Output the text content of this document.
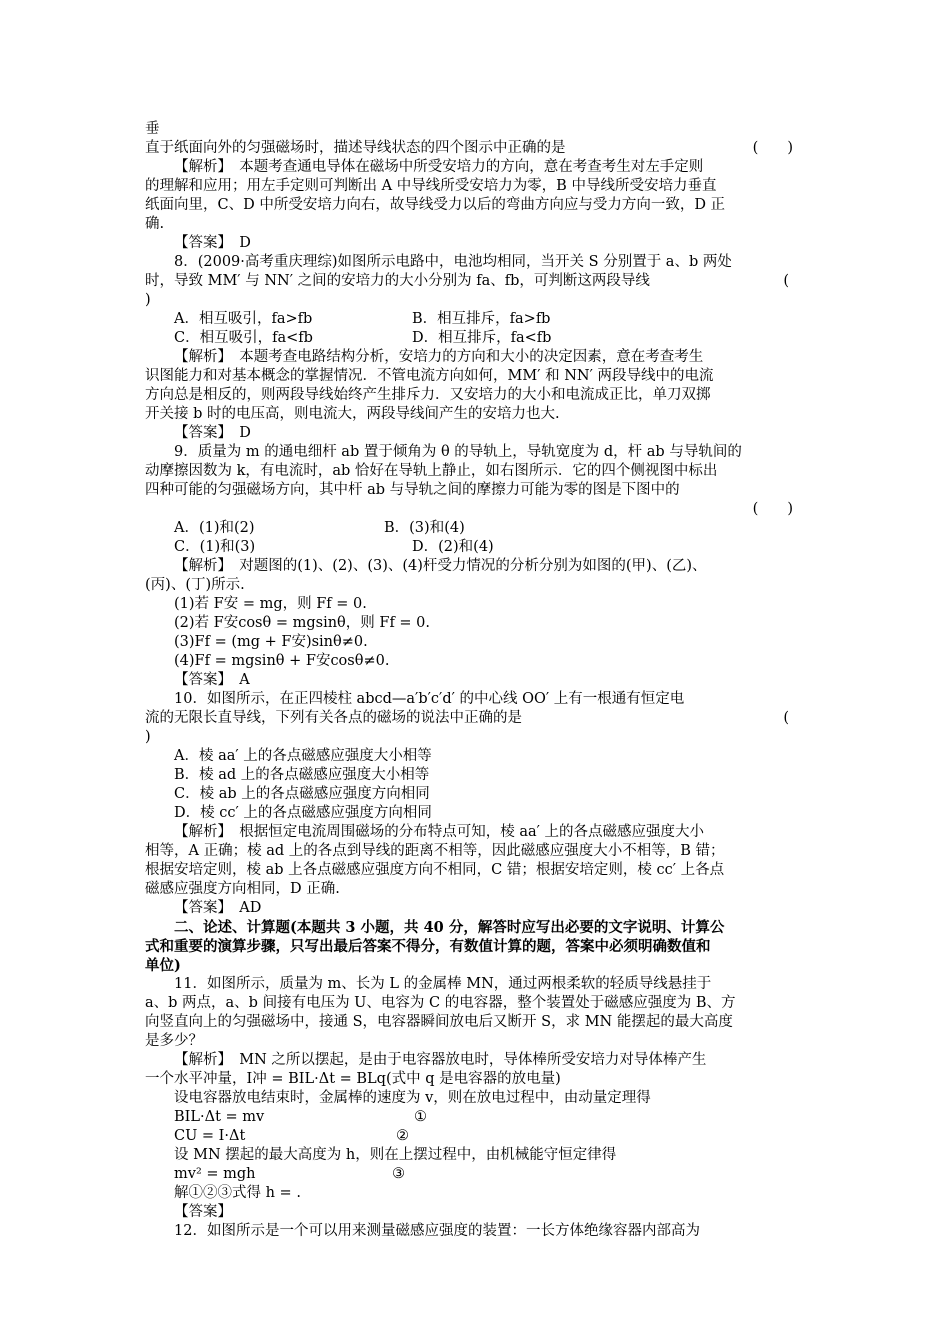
垂

直于纸面向外的匀强磁场时，描述导线状态的四个图示中正确的是	(　　)

【解析】　本题考查通电导体在磁场中所受安培力的方向，意在考查考生对左手定则

的理解和应用；用左手定则可判断出 A 中导线所受安培力为零，B 中导线所受安培力垂直

纸面向里，C、D 中所受安培力向右，故导线受力以后的弯曲方向应与受力方向一致，D 正

确.

【答案】　D

8．(2009·高考重庆理综)如图所示电路中，电池均相同，当开关 S 分别置于 a、b 两处

时，导致 MM′ 与 NN′ 之间的安培力的大小分别为 fa、fb，可判断这两段导线	(

)

A．相互吸引，fa>fb	B．相互排斥，fa>fb
C．相互吸引，fa<fb	D．相互排斥，fa<fb

【解析】　本题考查电路结构分析，安培力的方向和大小的决定因素，意在考查考生

识图能力和对基本概念的掌握情况．不管电流方向如何，MM′ 和 NN′ 两段导线中的电流

方向总是相反的，则两段导线始终产生排斥力．又安培力的大小和电流成正比，单刀双掷

开关接 b 时的电压高，则电流大，两段导线间产生的安培力也大.

【答案】　D

9．质量为 m 的通电细杆 ab 置于倾角为 θ 的导轨上，导轨宽度为 d，杆 ab 与导轨间的

动摩擦因数为 k，有电流时，ab 恰好在导轨上静止，如右图所示．它的四个侧视图中标出

四种可能的匀强磁场方向，其中杆 ab 与导轨之间的摩擦力可能为零的图是下图中的

(　　)

A．(1)和(2)	B．(3)和(4)
C．(1)和(3)	D．(2)和(4)

【解析】　对题图的(1)、(2)、(3)、(4)杆受力情况的分析分别为如图的(甲)、(乙)、

(丙)、(丁)所示.

(1)若 F安 = mg，则 Ff = 0.

(2)若 F安cosθ = mgsinθ，则 Ff = 0.

(3)Ff = (mg + F安)sinθ≠0.

(4)Ff = mgsinθ + F安cosθ≠0.

【答案】　A

10．如图所示，在正四棱柱 abcd—a′b′c′d′ 的中心线 OO′ 上有一根通有恒定电

流的无限长直导线，下列有关各点的磁场的说法中正确的是	(

)

A．棱 aa′ 上的各点磁感应强度大小相等

B．棱 ad 上的各点磁感应强度大小相等

C．棱 ab 上的各点磁感应强度方向相同

D．棱 cc′ 上的各点磁感应强度方向相同

【解析】　根据恒定电流周围磁场的分布特点可知，棱 aa′ 上的各点磁感应强度大小

相等，A 正确；棱 ad 上的各点到导线的距离不相等，因此磁感应强度大小不相等，B 错；

根据安培定则，棱 ab 上各点磁感应强度方向不相同，C 错；根据安培定则，棱 cc′ 上各点

磁感应强度方向相同，D 正确.

【答案】　AD

二、论述、计算题(本题共 3 小题，共 40 分，解答时应写出必要的文字说明、计算公

式和重要的演算步骤，只写出最后答案不得分，有数值计算的题，答案中必须明确数值和

单位)

11．如图所示，质量为 m、长为 L 的金属棒 MN，通过两根柔软的轻质导线悬挂于

a、b 两点，a、b 间接有电压为 U、电容为 C 的电容器，整个装置处于磁感应强度为 B、方

向竖直向上的匀强磁场中，接通 S，电容器瞬间放电后又断开 S，求 MN 能摆起的最大高度

是多少？

【解析】　MN 之所以摆起，是由于电容器放电时，导体棒所受安培力对导体棒产生

一个水平冲量，I冲 = BIL·Δt = BLq(式中 q 是电容器的放电量)

设电容器放电结束时，金属棒的速度为 v，则在放电过程中，由动量定理得

BIL·Δt = mv	①
CU = I·Δt	②

设 MN 摆起的最大高度为 h，则在上摆过程中，由机械能守恒定律得

mv² = mgh	③

解①②③式得 h = .

【答案】

12．如图所示是一个可以用来测量磁感应强度的装置：一长方体绝缘容器内部高为
